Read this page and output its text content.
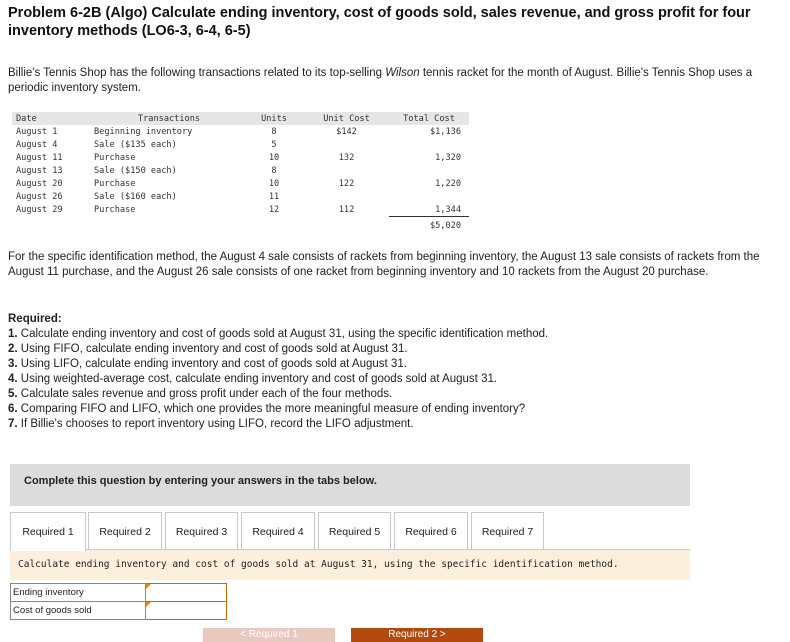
Problem 6-2B (Algo) Calculate ending inventory, cost of goods sold, sales revenue, and gross profit for four inventory methods (LO6-3, 6-4, 6-5)
Billie's Tennis Shop has the following transactions related to its top-selling Wilson tennis racket for the month of August. Billie's Tennis Shop uses a periodic inventory system.
Date	Transactions	Units	Unit Cost	Total Cost
August 1	Beginning inventory	8	$142	$1,136
August 4	Sale ($135 each)	5		
August 11	Purchase	10	132	1,320
August 13	Sale ($150 each)	8		
August 20	Purchase	10	122	1,220
August 26	Sale ($160 each)	11		
August 29	Purchase	12	112	1,344
				$5,020
For the specific identification method, the August 4 sale consists of rackets from beginning inventory, the August 13 sale consists of rackets from the August 11 purchase, and the August 26 sale consists of one racket from beginning inventory and 10 rackets from the August 20 purchase.
Required:
1. Calculate ending inventory and cost of goods sold at August 31, using the specific identification method.
2. Using FIFO, calculate ending inventory and cost of goods sold at August 31.
3. Using LIFO, calculate ending inventory and cost of goods sold at August 31.
4. Using weighted-average cost, calculate ending inventory and cost of goods sold at August 31.
5. Calculate sales revenue and gross profit under each of the four methods.
6. Comparing FIFO and LIFO, which one provides the more meaningful measure of ending inventory?
7. If Billie's chooses to report inventory using LIFO, record the LIFO adjustment.
Complete this question by entering your answers in the tabs below.
Required 1	Required 2	Required 3	Required 4	Required 5	Required 6	Required 7
Calculate ending inventory and cost of goods sold at August 31, using the specific identification method.
Ending inventory	
Cost of goods sold	
< Required 1	Required 2 >
